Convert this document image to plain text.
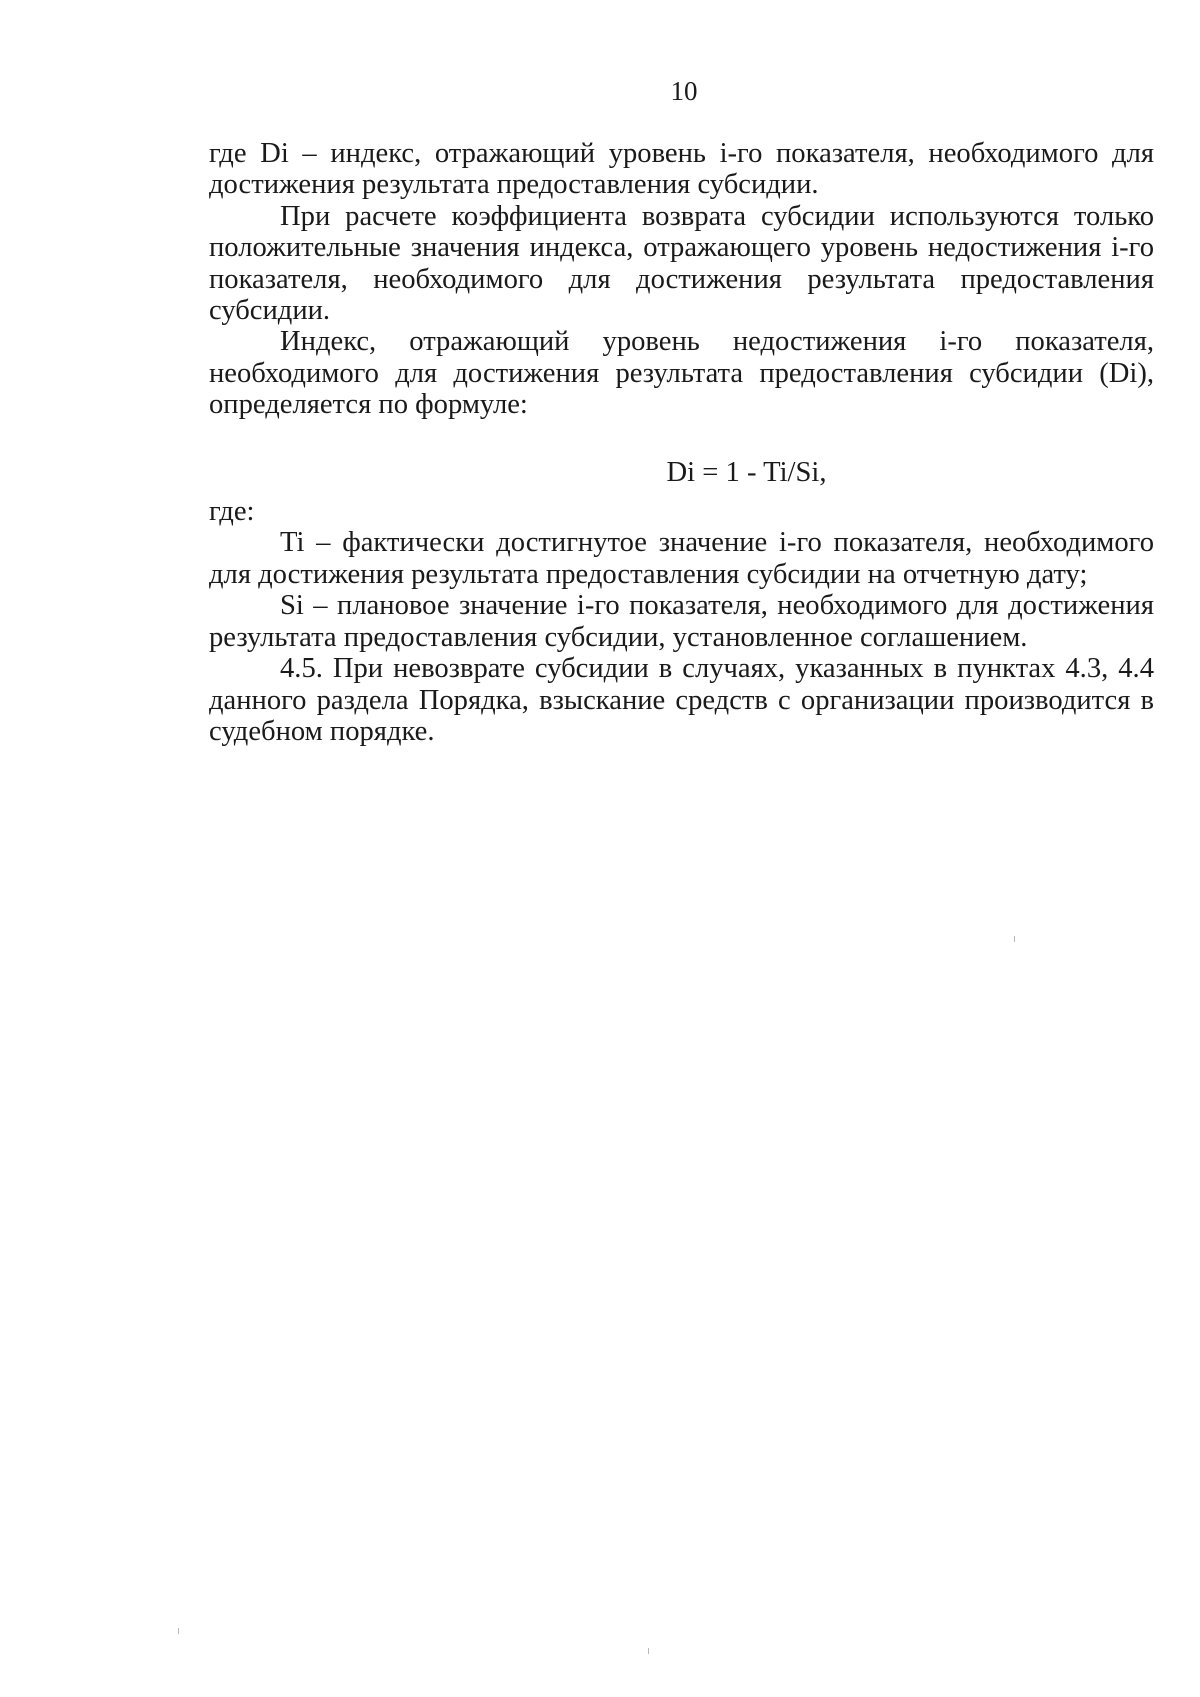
10

где Di – индекс, отражающий уровень i-го показателя, необходимого для достижения результата предоставления субсидии.

При расчете коэффициента возврата субсидии используются только положительные значения индекса, отражающего уровень недостижения i-го показателя, необходимого для достижения результата предоставления субсидии.

Индекс, отражающий уровень недостижения i-го показателя, необходимого для достижения результата предоставления субсидии (Di), определяется по формуле:

Di = 1 - Ti/Si,

где:

Ti – фактически достигнутое значение i-го показателя, необходимого для достижения результата предоставления субсидии на отчетную дату;

Si – плановое значение i-го показателя, необходимого для достижения результата предоставления субсидии, установленное соглашением.

4.5. При невозврате субсидии в случаях, указанных в пунктах 4.3, 4.4 данного раздела Порядка, взыскание средств с организации производится в судебном порядке.
